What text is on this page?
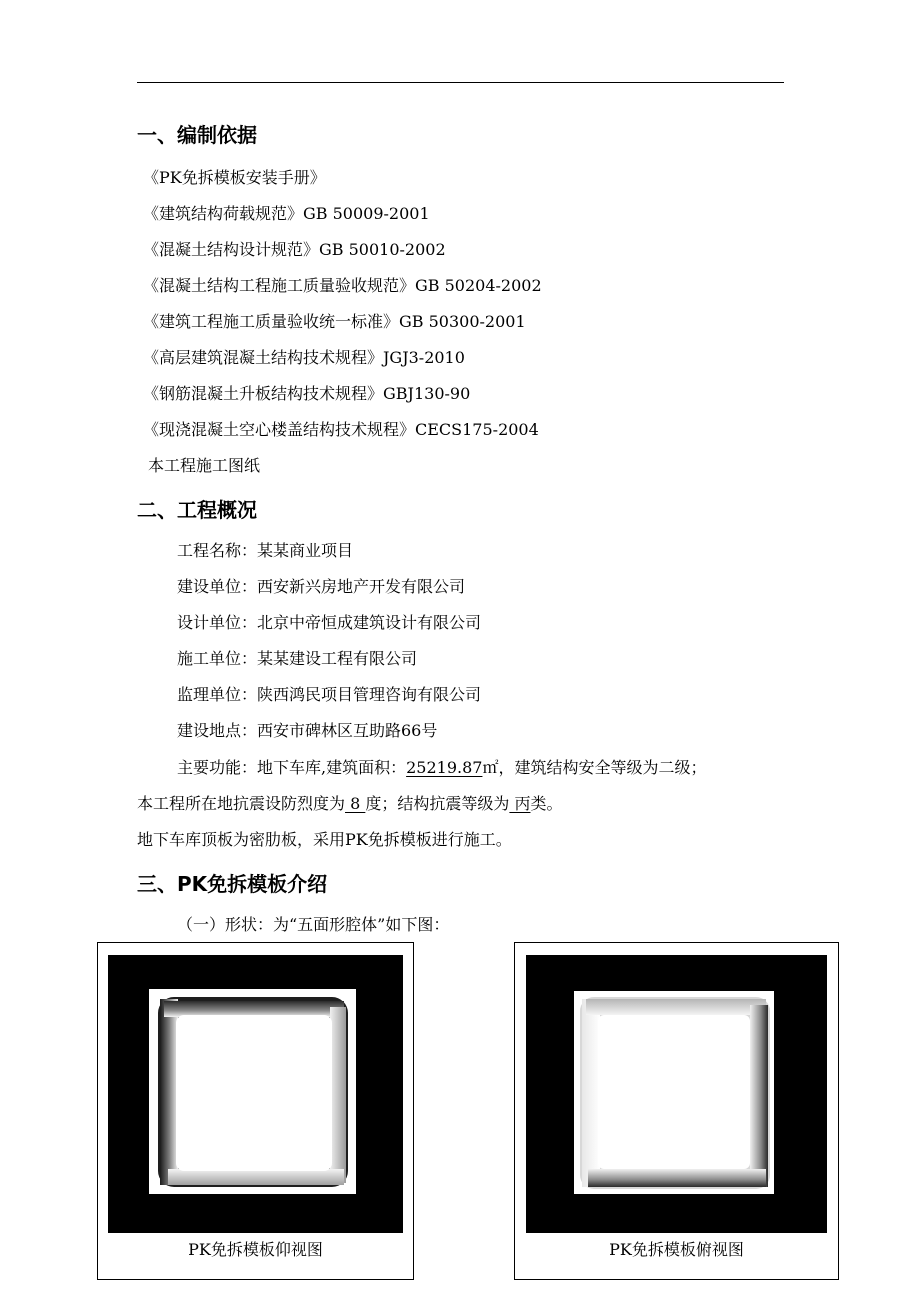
一、编制依据
《PK免拆模板安装手册》
《建筑结构荷载规范》GB 50009-2001
《混凝土结构设计规范》GB 50010-2002
《混凝土结构工程施工质量验收规范》GB 50204-2002
《建筑工程施工质量验收统一标准》GB 50300-2001
《高层建筑混凝土结构技术规程》JGJ3-2010
《钢筋混凝土升板结构技术规程》GBJ130-90
《现浇混凝土空心楼盖结构技术规程》CECS175-2004
本工程施工图纸
二、工程概况
工程名称：某某商业项目
建设单位：西安新兴房地产开发有限公司
设计单位：北京中帝恒成建筑设计有限公司
施工单位：某某建设工程有限公司
监理单位：陕西鸿民项目管理咨询有限公司
建设地点：西安市碑林区互助路66号
主要功能：地下车库,建筑面积：25219.87㎡，建筑结构安全等级为二级；
本工程所在地抗震设防烈度为 8 度；结构抗震等级为 丙类。
地下车库顶板为密肋板，采用PK免拆模板进行施工。
三、PK免拆模板介绍
（一）形状：为“五面形腔体”如下图：
PK免拆模板仰视图	PK免拆模板俯视图
